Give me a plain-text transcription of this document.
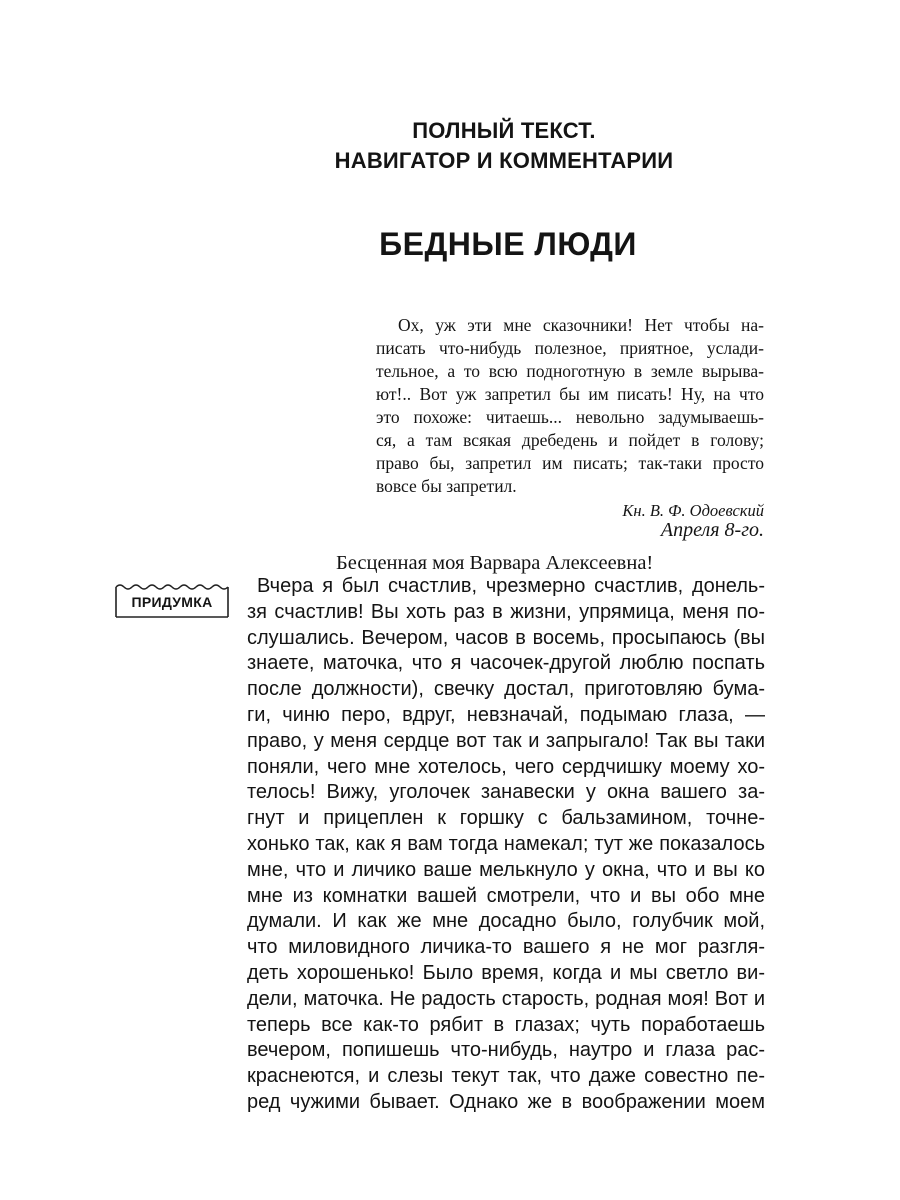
ПОЛНЫЙ ТЕКСТ.
НАВИГАТОР И КОММЕНТАРИИ
БЕДНЫЕ ЛЮДИ
Ох, уж эти мне сказочники! Нет чтобы на-
писать что-нибудь полезное, приятное, услади-
тельное, а то всю подноготную в земле вырыва-
ют!.. Вот уж запретил бы им писать! Ну, на что
это похоже: читаешь... невольно задумываешь-
ся, а там всякая дребедень и пойдет в голову;
право бы, запретил им писать; так-таки просто
вовсе бы запретил.
Кн. В. Ф. Одоевский
Апреля 8-го.
Бесценная моя Варвара Алексеевна!
ПРИДУМКА
Вчера я был счастлив, чрезмерно счастлив, донель-
зя счастлив! Вы хоть раз в жизни, упрямица, меня по-
слушались. Вечером, часов в восемь, просыпаюсь (вы
знаете, маточка, что я часочек-другой люблю поспать
после должности), свечку достал, приготовляю бума-
ги, чиню перо, вдруг, невзначай, подымаю глаза, —
право, у меня сердце вот так и запрыгало! Так вы таки
поняли, чего мне хотелось, чего сердчишку моему хо-
телось! Вижу, уголочек занавески у окна вашего за-
гнут и прицеплен к горшку с бальзамином, точне-
хонько так, как я вам тогда намекал; тут же показалось
мне, что и личико ваше мелькнуло у окна, что и вы ко
мне из комнатки вашей смотрели, что и вы обо мне
думали. И как же мне досадно было, голубчик мой,
что миловидного личика-то вашего я не мог разгля-
деть хорошенько! Было время, когда и мы светло ви-
дели, маточка. Не радость старость, родная моя! Вот и
теперь все как-то рябит в глазах; чуть поработаешь
вечером, попишешь что-нибудь, наутро и глаза рас-
краснеются, и слезы текут так, что даже совестно пе-
ред чужими бывает. Однако же в воображении моем
